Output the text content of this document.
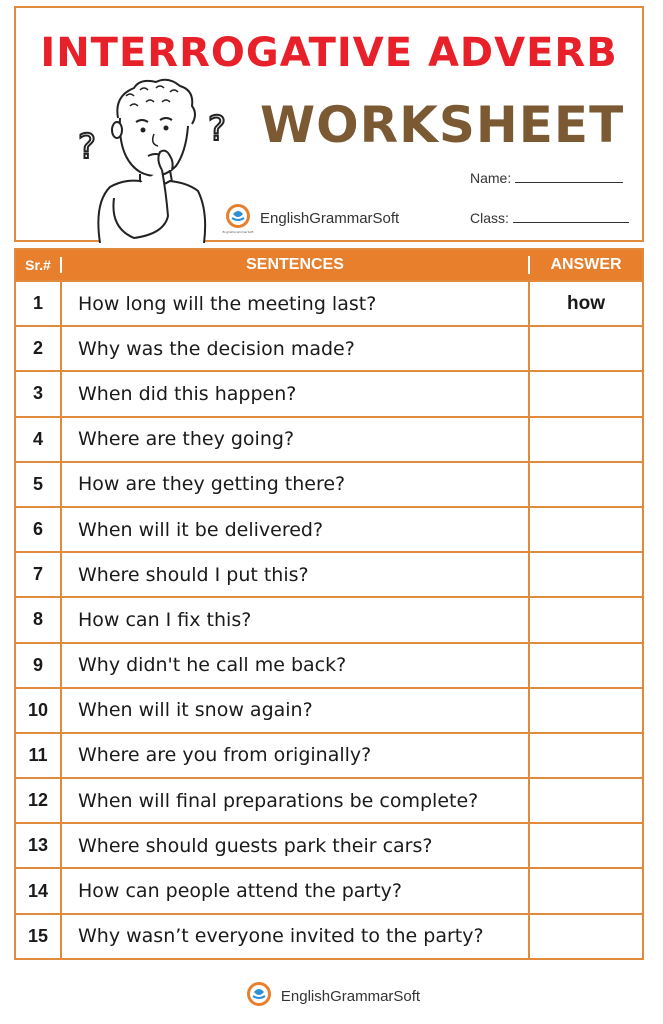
INTERROGATIVE ADVERB
WORKSHEET
?	?
EnglishGrammarSoft
EnglishGrammarSoft
Name:
Class:
Sr.#	SENTENCES	ANSWER
1	How long will the meeting last?	how
2	Why was the decision made?
3	When did this happen?
4	Where are they going?
5	How are they getting there?
6	When will it be delivered?
7	Where should I put this?
8	How can I fix this?
9	Why didn't he call me back?
10	When will it snow again?
11	Where are you from originally?
12	When will final preparations be complete?
13	Where should guests park their cars?
14	How can people attend the party?
15	Why wasn’t everyone invited to the party?
EnglishGrammarSoft
